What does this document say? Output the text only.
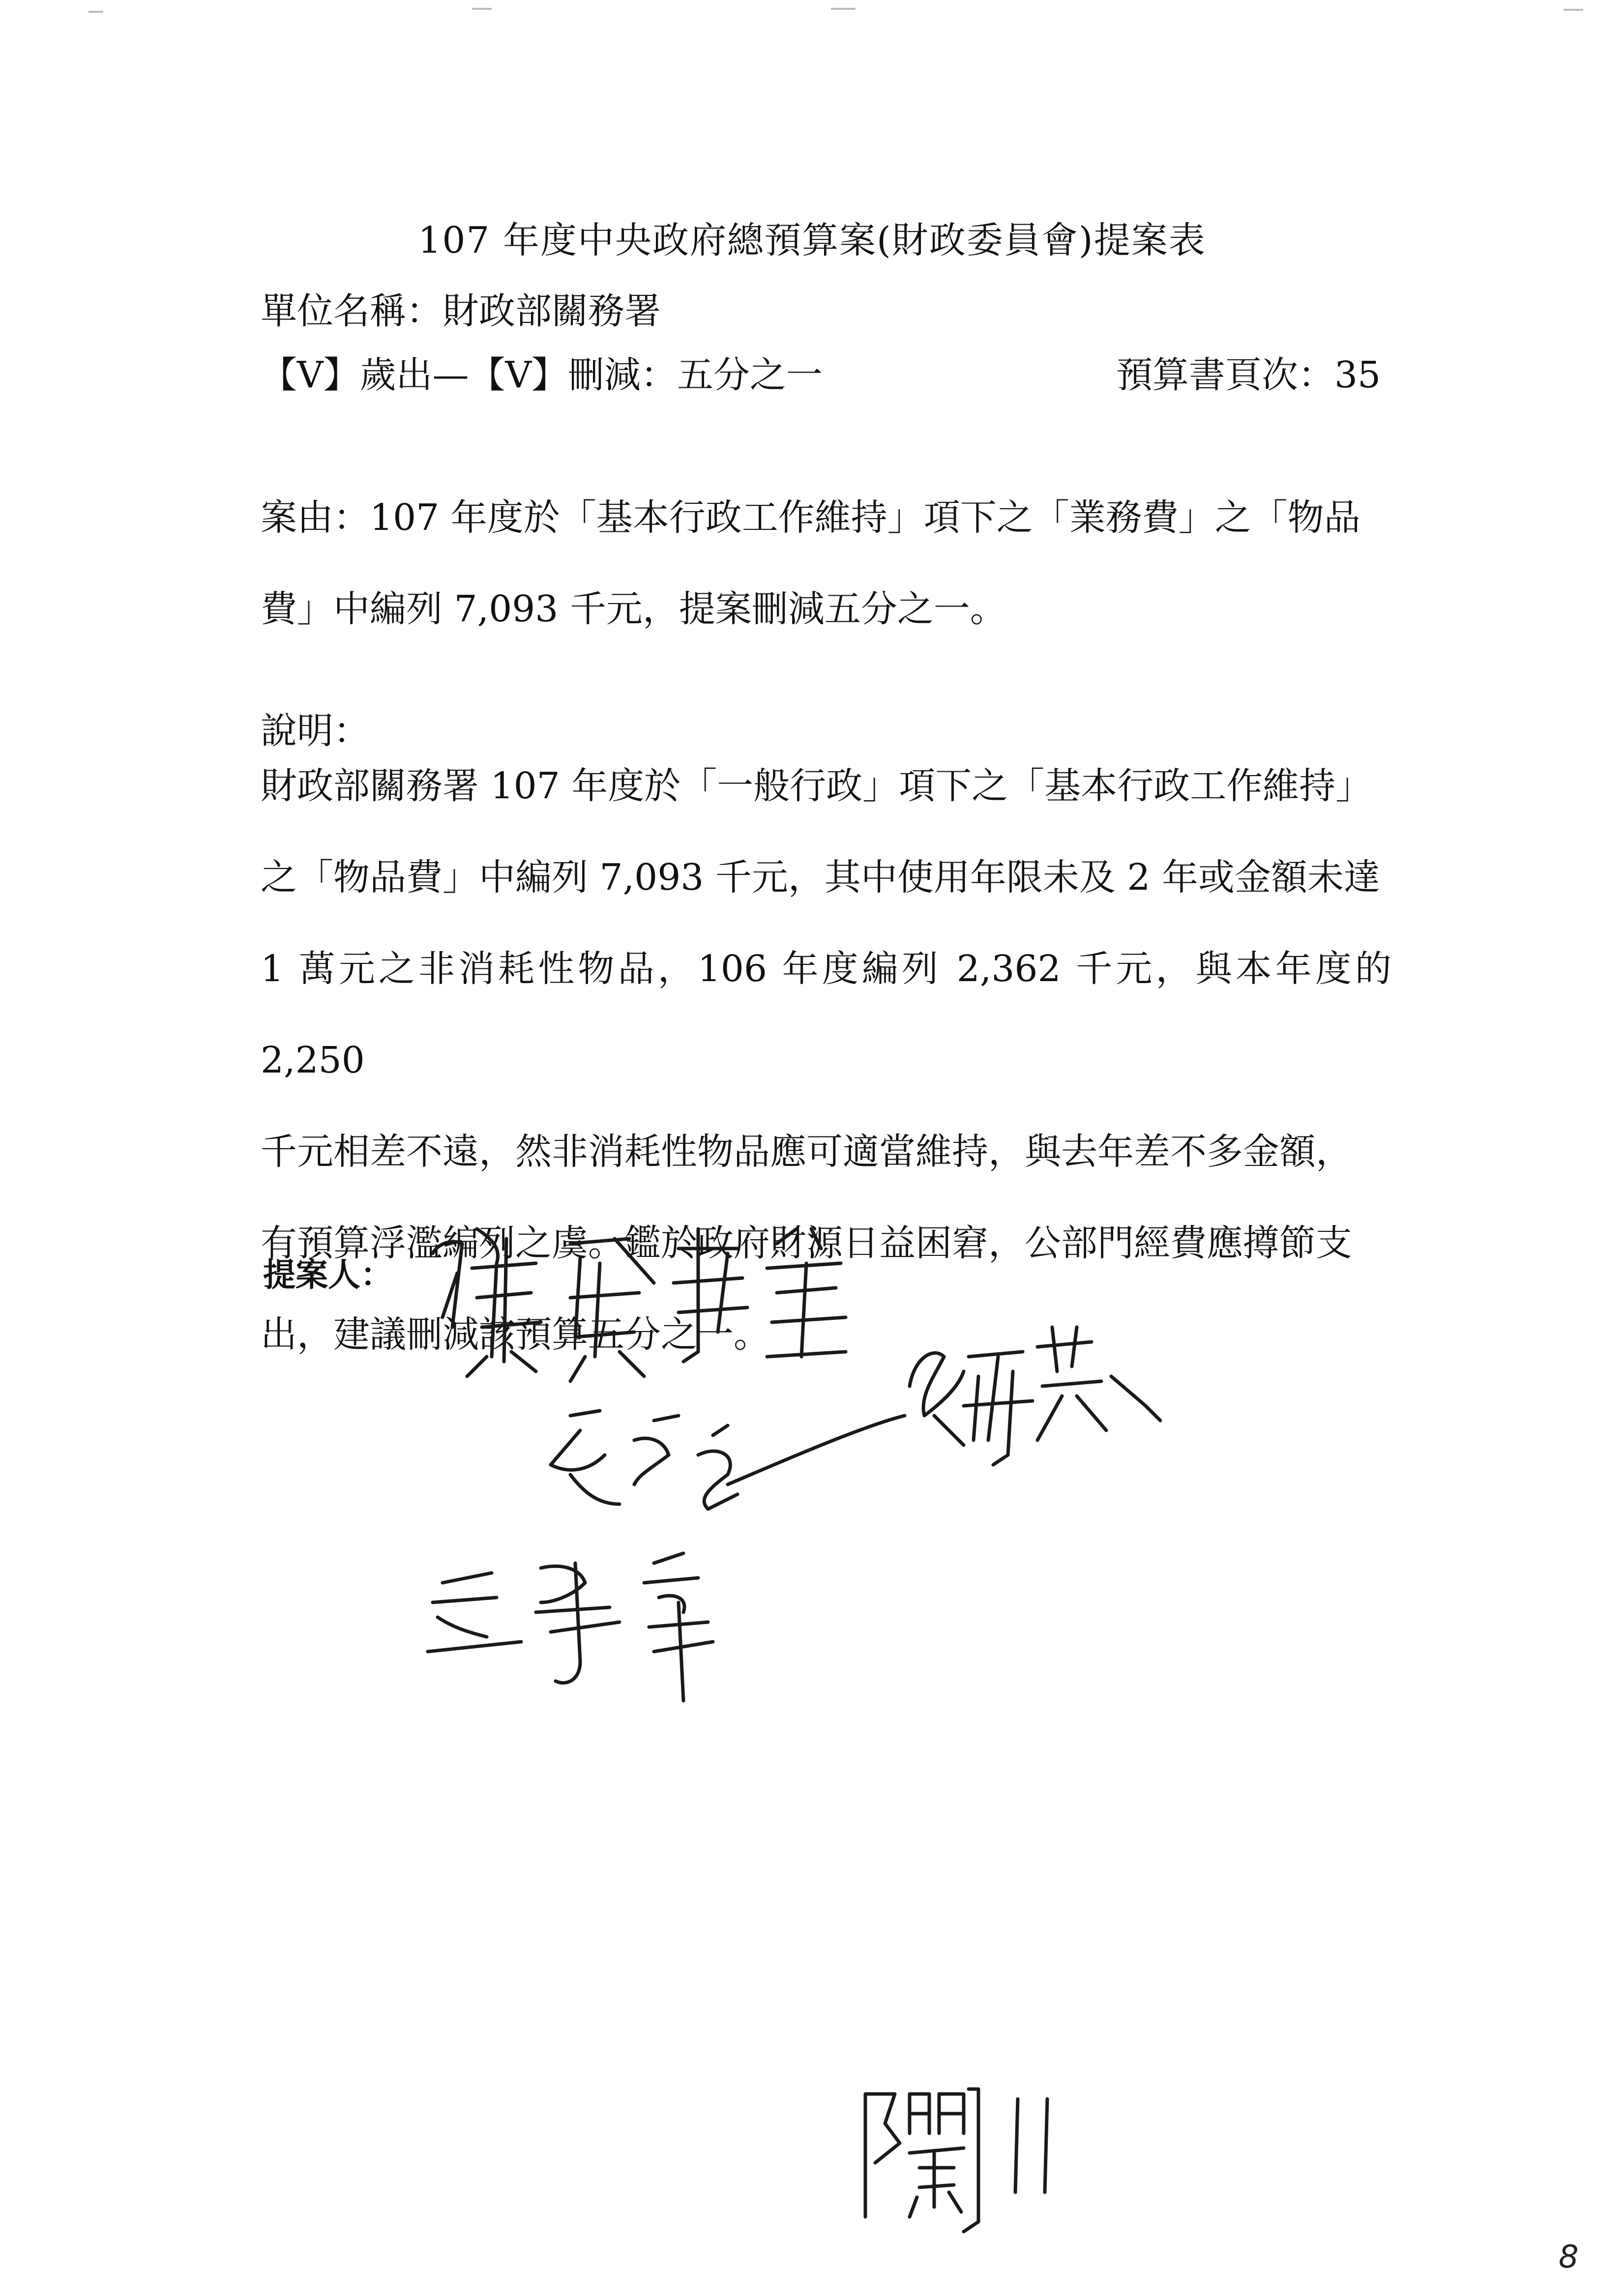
107 年度中央政府總預算案(財政委員會)提案表
單位名稱：財政部關務署
【V】歲出—【V】刪減：五分之一	預算書頁次：35
案由：107 年度於「基本行政工作維持」項下之「業務費」之「物品
費」中編列 7,093 千元，提案刪減五分之一。
說明：
財政部關務署 107 年度於「一般行政」項下之「基本行政工作維持」
之「物品費」中編列 7,093 千元，其中使用年限未及 2 年或金額未達
1 萬元之非消耗性物品，106 年度編列 2,362 千元，與本年度的 2,250
千元相差不遠，然非消耗性物品應可適當維持，與去年差不多金額，
有預算浮濫編列之虞。鑑於政府財源日益困窘，公部門經費應撙節支
出，建議刪減該預算五分之一。
提案人：
8
